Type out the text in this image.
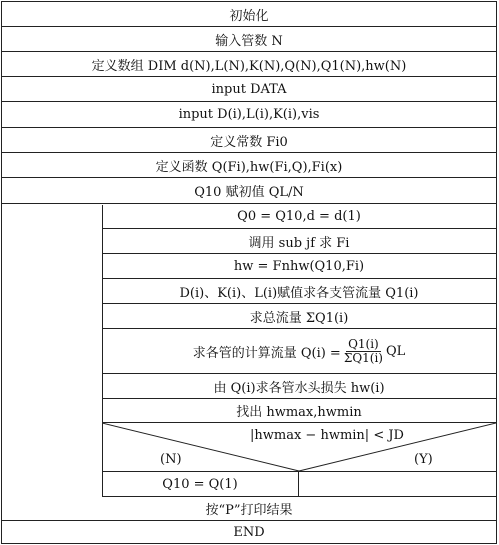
初始化
输入管数 N
定义数组 DIM d(N),L(N),K(N),Q(N),Q1(N),hw(N)
input DATA
input D(i),L(i),K(i),vis
定义常数 Fi0
定义函数 Q(Fi),hw(Fi,Q),Fi(x)
Q10 赋初值 QL/N
Q0 = Q10,d = d(1)
调用 sub jf 求 Fi
hw = Fnhw(Q10,Fi)
D(i)、K(i)、L(i)赋值求各支管流量 Q1(i)
求总流量 ΣQ1(i)
求各管的计算流量 $Q(i) = \frac{Q1(i)}{\Sigma Q1(i)}$ QL
由 Q(i)求各管水头损失 hw(i)
找出 hwmax,hwmin
|hwmax − hwmin| < JD
(N)	(Y)
Q10 = Q(1)
按“P”打印结果
END
